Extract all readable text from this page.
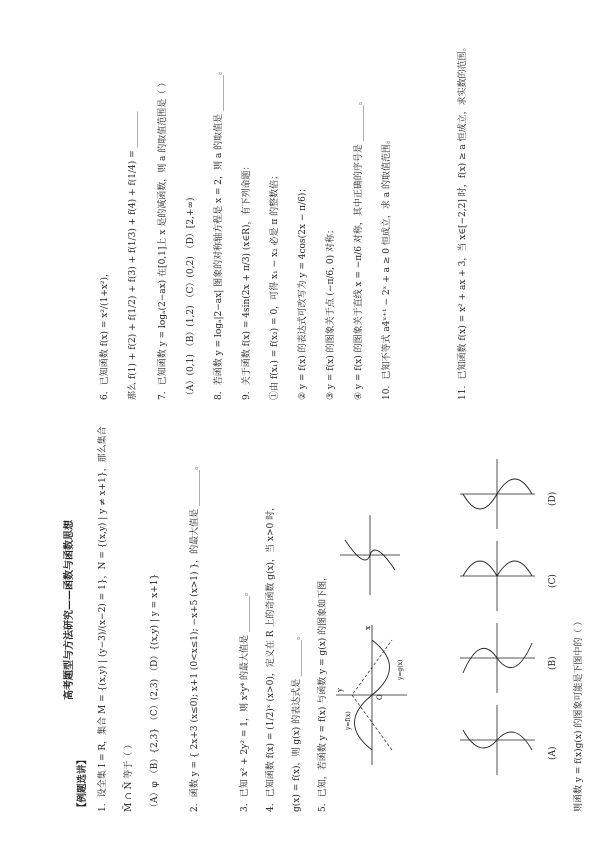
高考题型与方法研究——函数与函数思想
【例题选讲】 1．设全集 I = R，集合 M = {(x,y) | (y−3)/(x−2) = 1}，N = {(x,y) | y ≠ x+1}，那么集合 M̄ ∩ N̄ 等于（ ） （A）φ （B）{2,3} （C）(2,3) （D）{(x,y) | y = x+1}	2．函数 y = { 2x+3 (x≤0); x+1 (0<x≤1); −x+5 (x>1) }，的最大值是 ________。	3．已知 x² + 2y² = 1，则 x²y⁴ 的最大值是 ________。 4．已知函数 f(x) = (1/2)ˣ (x>0)，定义在 R 上的奇函数 g(x)，当 x>0 时， g(x) = f(x)，则 g(x) 的表达式是 ________。 5．已知，若函数 y = f(x) 与函数 y = g(x) 的图象如下图， y
x
O
y=f(x)
y=g(x)
(A)
(B)
(C)
(D)
则函数 y = f(x)g(x) 的图象可能是下图中的（ ）
6．已知函数 f(x) = x²/(1+x²)， 那么 f(1) + f(2) + f(1/2) + f(3) + f(1/3) + f(4) + f(1/4) = ________ 7．已知函数 y = logₐ(2−ax) 在[0,1]上 x 是的减函数，则 a 的取值范围是（ ） （A）(0,1) （B）(1,2) （C）(0,2) （D）[2,+∞) 8．若函数 y = logₐ|2−ax| 图象的对称轴方程是 x = 2，则 a 的取值是 ________。 9．关于函数 f(x) = 4sin(2x + π/3) (x∈R)，有下列命题： ①由 f(x₁) = f(x₂) = 0，可得 x₁ − x₂ 必是 π 的整数倍； ② y = f(x) 的表达式可改写为 y = 4cos(2x − π/6)； ③ y = f(x) 的图象关于点 (−π/6, 0) 对称； ④ y = f(x) 的图象关于直线 x = −π/6 对称，其中正确的序号是 ________。 10．已知不等式 a4ˣ⁺¹ − 2ˣ + a ≥ 0 恒成立，求 a 的取值范围。	11．已知函数 f(x) = x² + ax + 3，当 x∈[−2,2] 时，f(x) ≥ a 恒成立，求实数的范围。
